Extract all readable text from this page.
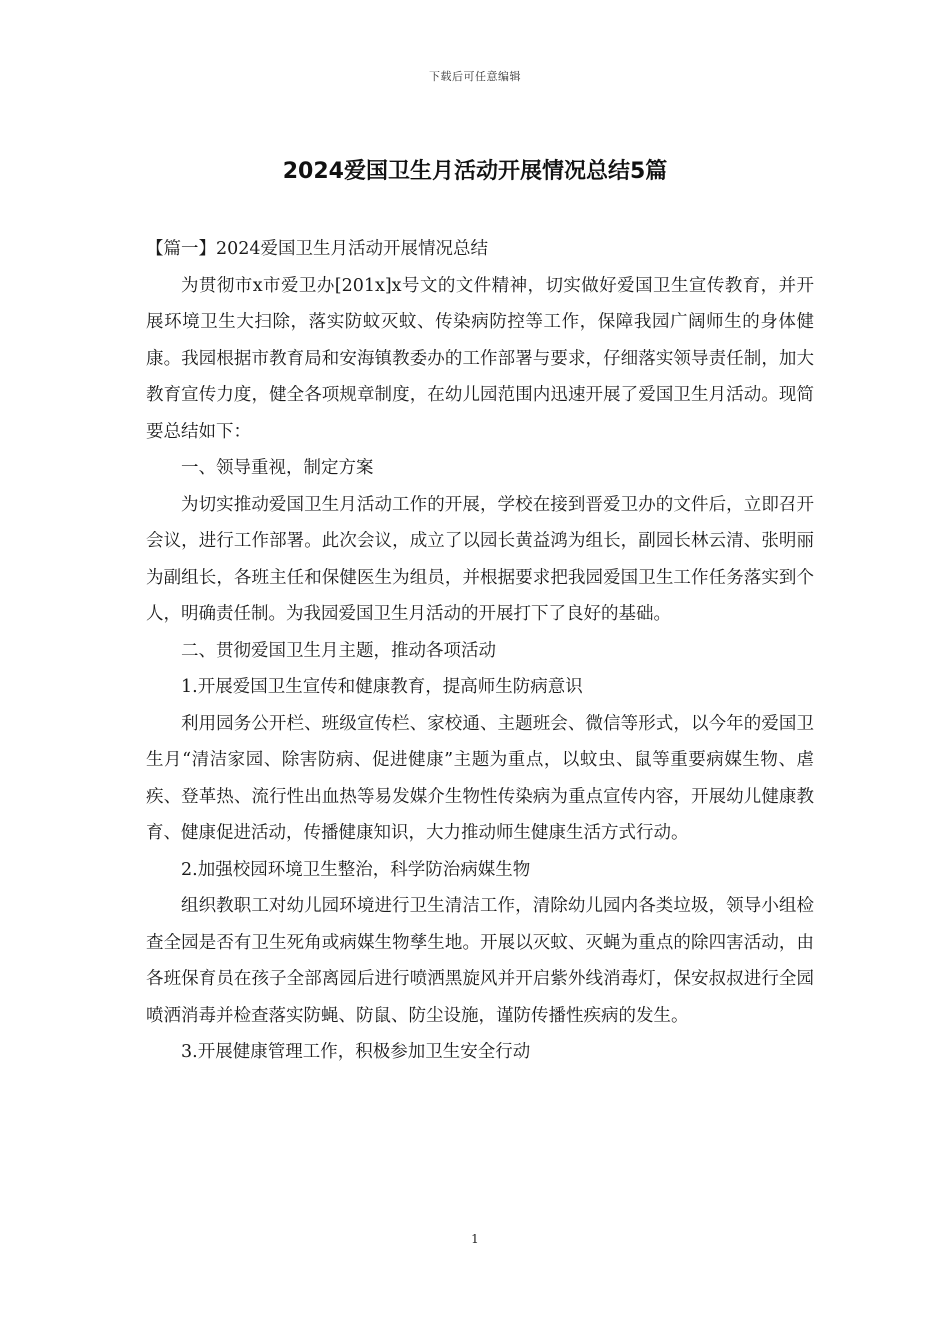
下载后可任意编辑
2024爱国卫生月活动开展情况总结5篇

【篇一】2024爱国卫生月活动开展情况总结

为贯彻市x市爱卫办[201x]x号文的文件精神，切实做好爱国卫生宣传教育，并开展环境卫生大扫除，落实防蚊灭蚊、传染病防控等工作，保障我园广阔师生的身体健康。我园根据市教育局和安海镇教委办的工作部署与要求，仔细落实领导责任制，加大教育宣传力度，健全各项规章制度，在幼儿园范围内迅速开展了爱国卫生月活动。现简要总结如下：

一、领导重视，制定方案

为切实推动爱国卫生月活动工作的开展，学校在接到晋爱卫办的文件后，立即召开会议，进行工作部署。此次会议，成立了以园长黄益鸿为组长，副园长林云清、张明丽为副组长，各班主任和保健医生为组员，并根据要求把我园爱国卫生工作任务落实到个人，明确责任制。为我园爱国卫生月活动的开展打下了良好的基础。

二、贯彻爱国卫生月主题，推动各项活动

1.开展爱国卫生宣传和健康教育，提高师生防病意识

利用园务公开栏、班级宣传栏、家校通、主题班会、微信等形式，以今年的爱国卫生月“清洁家园、除害防病、促进健康”主题为重点，以蚊虫、鼠等重要病媒生物、虐疾、登革热、流行性出血热等易发媒介生物性传染病为重点宣传内容，开展幼儿健康教育、健康促进活动，传播健康知识，大力推动师生健康生活方式行动。

2.加强校园环境卫生整治，科学防治病媒生物

组织教职工对幼儿园环境进行卫生清洁工作，清除幼儿园内各类垃圾，领导小组检查全园是否有卫生死角或病媒生物孳生地。开展以灭蚊、灭蝇为重点的除四害活动，由各班保育员在孩子全部离园后进行喷洒黑旋风并开启紫外线消毒灯，保安叔叔进行全园喷洒消毒并检查落实防蝇、防鼠、防尘设施，谨防传播性疾病的发生。

3.开展健康管理工作，积极参加卫生安全行动

1
